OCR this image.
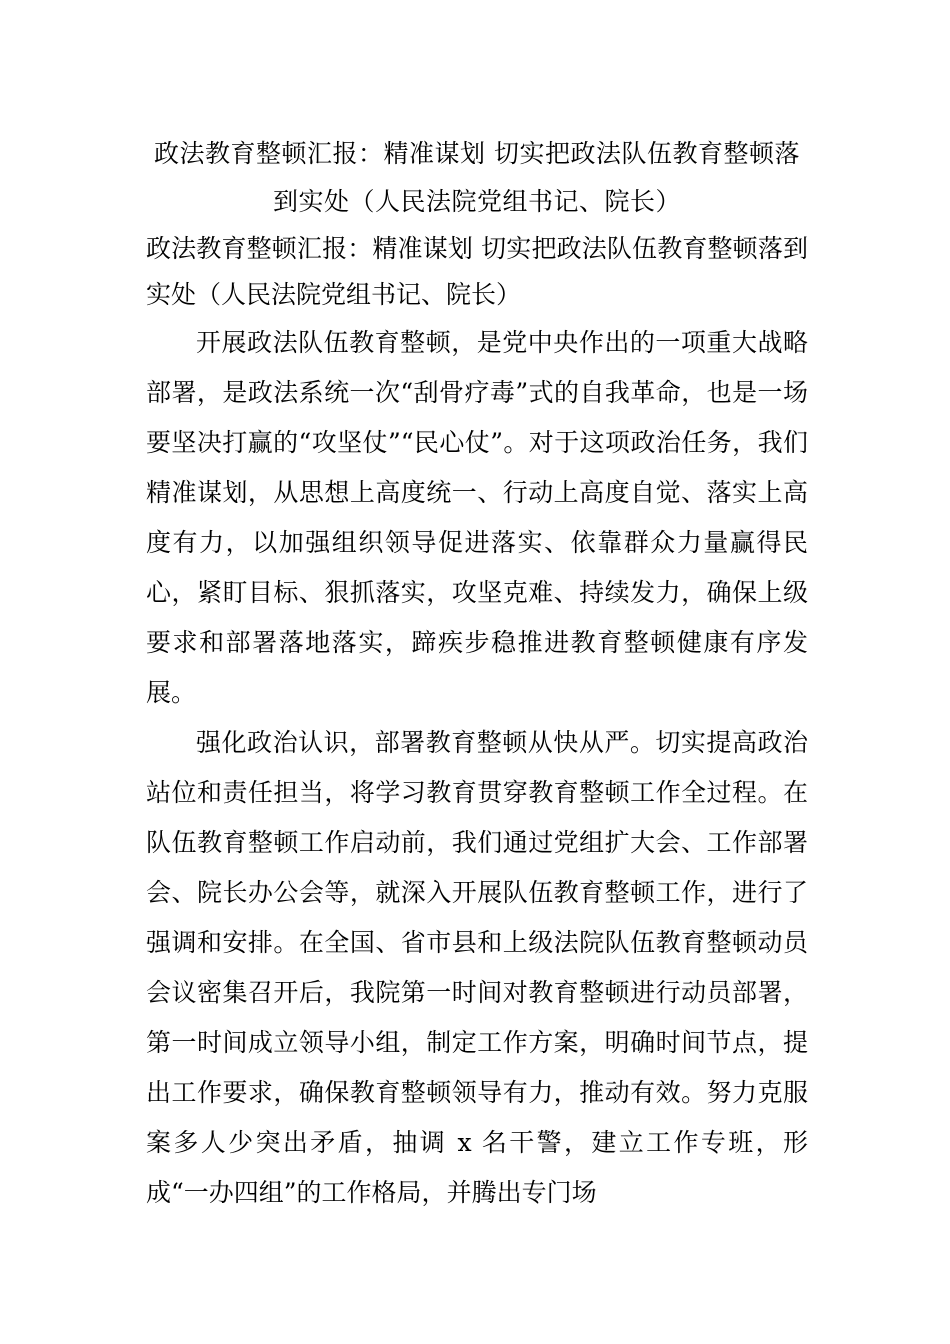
政法教育整顿汇报：精准谋划 切实把政法队伍教育整顿落
到实处（人民法院党组书记、院长）

政法教育整顿汇报：精准谋划 切实把政法队伍教育整顿落到实处（人民法院党组书记、院长）

开展政法队伍教育整顿，是党中央作出的一项重大战略部署，是政法系统一次“刮骨疗毒”式的自我革命，也是一场要坚决打赢的“攻坚仗”“民心仗”。对于这项政治任务，我们精准谋划，从思想上高度统一、行动上高度自觉、落实上高度有力，以加强组织领导促进落实、依靠群众力量赢得民心，紧盯目标、狠抓落实，攻坚克难、持续发力，确保上级要求和部署落地落实，蹄疾步稳推进教育整顿健康有序发展。

强化政治认识，部署教育整顿从快从严。切实提高政治站位和责任担当，将学习教育贯穿教育整顿工作全过程。在队伍教育整顿工作启动前，我们通过党组扩大会、工作部署会、院长办公会等，就深入开展队伍教育整顿工作，进行了强调和安排。在全国、省市县和上级法院队伍教育整顿动员会议密集召开后，我院第一时间对教育整顿进行动员部署，第一时间成立领导小组，制定工作方案，明确时间节点，提出工作要求，确保教育整顿领导有力，推动有效。努力克服案多人少突出矛盾，抽调 x 名干警，建立工作专班，形成“一办四组”的工作格局，并腾出专门场
